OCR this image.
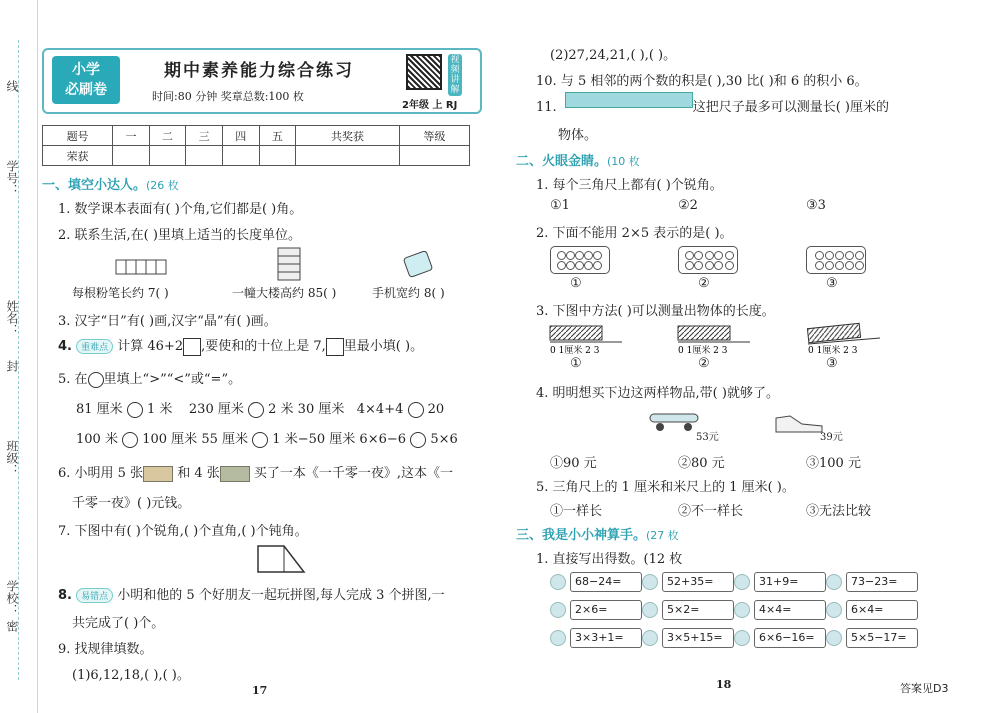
线
学号：
姓名：
封
班级：
学校：
密
小学
必刷卷
期中素养能力综合练习
时间:80 分钟 奖章总数:100 枚
视频讲解
2年级 上 RJ
题号	一	二	三	四	五	共奖获	等级
荣获							
一、填空小达人。(26 枚
1. 数学课本表面有( )个角,它们都是( )角。
2. 联系生活,在( )里填上适当的长度单位。
每根粉笔长约 7( )	一幢大楼高约 85( )	手机宽约 8( )
3. 汉字“日”有( )画,汉字“晶”有( )画。
4. 重难点 计算 46+2 ,要使和的十位上是 7, 里最小填( )。
5. 在 里填上“>”“<”或“=”。
81 厘米 1 米 230 厘米 2 米 30 厘米 4×4+4 20
100 米 100 厘米 55 厘米 1 米−50 厘米 6×6−6 5×6
6. 小明用 5 张	和 4 张	买了一本《一千零一夜》,这本《一
千零一夜》( )元钱。
7. 下图中有( )个锐角,( )个直角,( )个钝角。
8. 易错点 小明和他的 5 个好朋友一起玩拼图,每人完成 3 个拼图,一
共完成了( )个。
9. 找规律填数。
(1)6,12,18,( ),( )。
17
(2)27,24,21,( ),( )。
10. 与 5 相邻的两个数的积是( ),30 比( )和 6 的积小 6。
11.	这把尺子最多可以测量长( )厘米的
物体。
二、火眼金睛。(10 枚
1. 每个三角尺上都有( )个锐角。
①1	②2	③3
2. 下面不能用 2×5 表示的是( )。
①	②	③
3. 下图中方法( )可以测量出物体的长度。
0 1厘米 2 3	0 1厘米 2 3	0 1厘米 2 3
①	②	③
4. 明明想买下边这两样物品,带( )就够了。
53元	39元
①90 元	②80 元	③100 元
5. 三角尺上的 1 厘米和米尺上的 1 厘米( )。
①一样长	②不一样长	③无法比较
三、我是小小神算手。(27 枚
1. 直接写出得数。(12 枚
68−24=	52+35=	31+9=	73−23=
2×6=	5×2=	4×4=	6×4=
3×3+1=	3×5+15=	6×6−16=	5×5−17=
18	答案见D3
